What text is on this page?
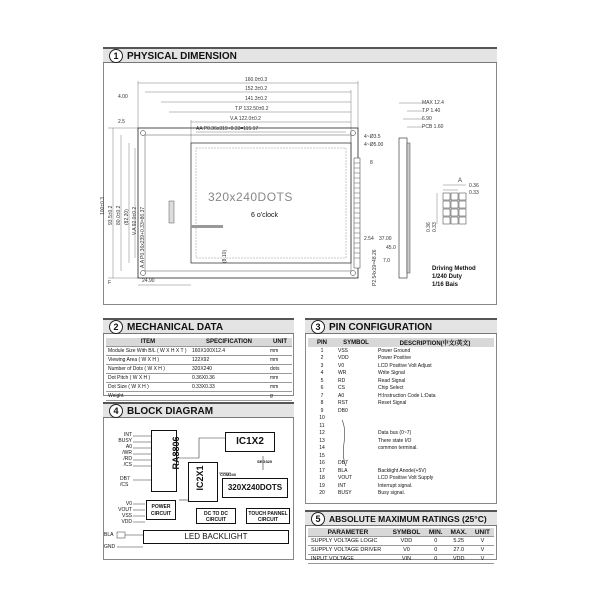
1 PHYSICAL DIMENSION
160.0±0.3
152.3±0.2
141.3±0.2
T.P 132.50±0.2
V.A 122.0±0.2
AA P0.36x319+0.33=115.17
4.00
2.5
100±0.3 93.5±0.2 80.0±0.2 (82.20) V.A 92.0±0.2 A.A P0.36x239+0.33=86.37
MAX 12.4
T.P 1.40
6.90
PCB 1.60
4~Ø3.5
4~Ø5.00
8
P2.54x19=48.26 7.0
2.54 37.00
45.0
24.90
(8.10)
F
320x240DOTS
6 o'clock
A
0.36
0.33
0.36 0.33
Driving Method
1/240 Duty
1/16 Bais
2 MECHANICAL DATA
ITEM	SPECIFICATION	UNIT
Module Size With B/L ( W X H X T )	160X100X12.4	mm
Viewing Area ( W X H )	122X92	mm
Number of Dots ( W X H )	320X240	dots
Dot Pitch ( W X H )	0.36X0.36	mm
Dot Size ( W X H )	0.33X0.33	mm
Weight		g
3 PIN CONFIGURATION
PIN	SYMBOL	DESCRIPTION(中文/英文)
1	VSS	Power Ground
2	VDD	Power Positive
3	V0	LCD Positive Volt Adjust
4	WR	Write Signal
5	RD	Read Signal
6	CS	Chip Select
7	A0	H:Instruction Code L:Data
8	RST	Reset Signal
9	DB0	
10		
11		
12		Data bus (0~7)
13		There state I/O
14		common terminal.
15		
16	DB7	
17	BLA	Backlight Anode(+5V)
18	VOUT	LCD Positive Volt Supply
19	INT	Interrupt signal.
20	BUSY	Busy signal.
4 BLOCK DIAGRAM
INT
BUSY
A0
/WR
/RD
/CS
DB7
/CS
RA8806	IC1X2
SEG320
IC2X1	COM240
320X240DOTS
V0
VOUT
VSS
VDD
POWER CIRCUIT	DC TO DC CIRCUIT
TOUCH PANNEL CIRCUIT
LED BACKLIGHT
BLA
GND
5 ABSOLUTE MAXIMUM RATINGS (25°C)
PARAMETER	SYMBOL	MIN.	MAX.	UNIT
SUPPLY VOLTAGE LOGIC	VDD	0	5.25	V
SUPPLY VOLTAGE DRIVER	V0	0	27.0	V
INPUT VOLTAGE	VIN	0	VDD	V
